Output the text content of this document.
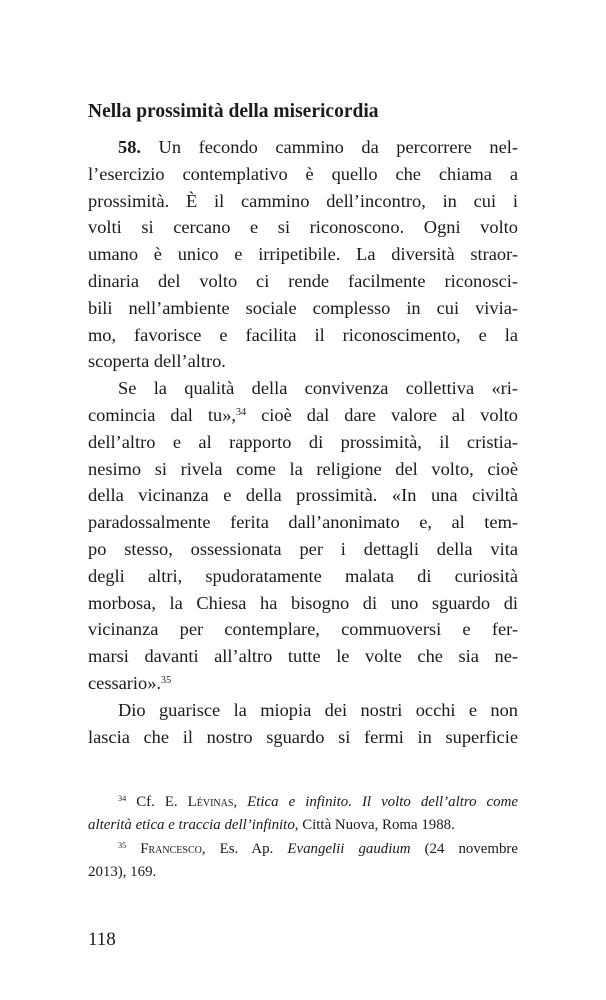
Nella prossimità della misericordia
58. Un fecondo cammino da percorrere nel-
l’esercizio contemplativo è quello che chiama a
prossimità. È il cammino dell’incontro, in cui i
volti si cercano e si riconoscono. Ogni volto
umano è unico e irripetibile. La diversità straor-
dinaria del volto ci rende facilmente riconosci-
bili nell’ambiente sociale complesso in cui vivia-
mo, favorisce e facilita il riconoscimento, e la
scoperta dell’altro.
Se la qualità della convivenza collettiva «ri-
comincia dal tu»,$^{34}$ cioè dal dare valore al volto
dell’altro e al rapporto di prossimità, il cristia-
nesimo si rivela come la religione del volto, cioè
della vicinanza e della prossimità. «In una civiltà
paradossalmente ferita dall’anonimato e, al tem-
po stesso, ossessionata per i dettagli della vita
degli altri, spudoratamente malata di curiosità
morbosa, la Chiesa ha bisogno di uno sguardo di
vicinanza per contemplare, commuoversi e fer-
marsi davanti all’altro tutte le volte che sia ne-
cessario».$^{35}$
Dio guarisce la miopia dei nostri occhi e non
lascia che il nostro sguardo si fermi in superficie
$^{34}$ Cf. E. Lévinas, Etica e infinito. Il volto dell’altro come
alterità etica e traccia dell’infinito, Città Nuova, Roma 1988.
$^{35}$ Francesco, Es. Ap. Evangelii gaudium (24 novembre
2013), 169.
118
